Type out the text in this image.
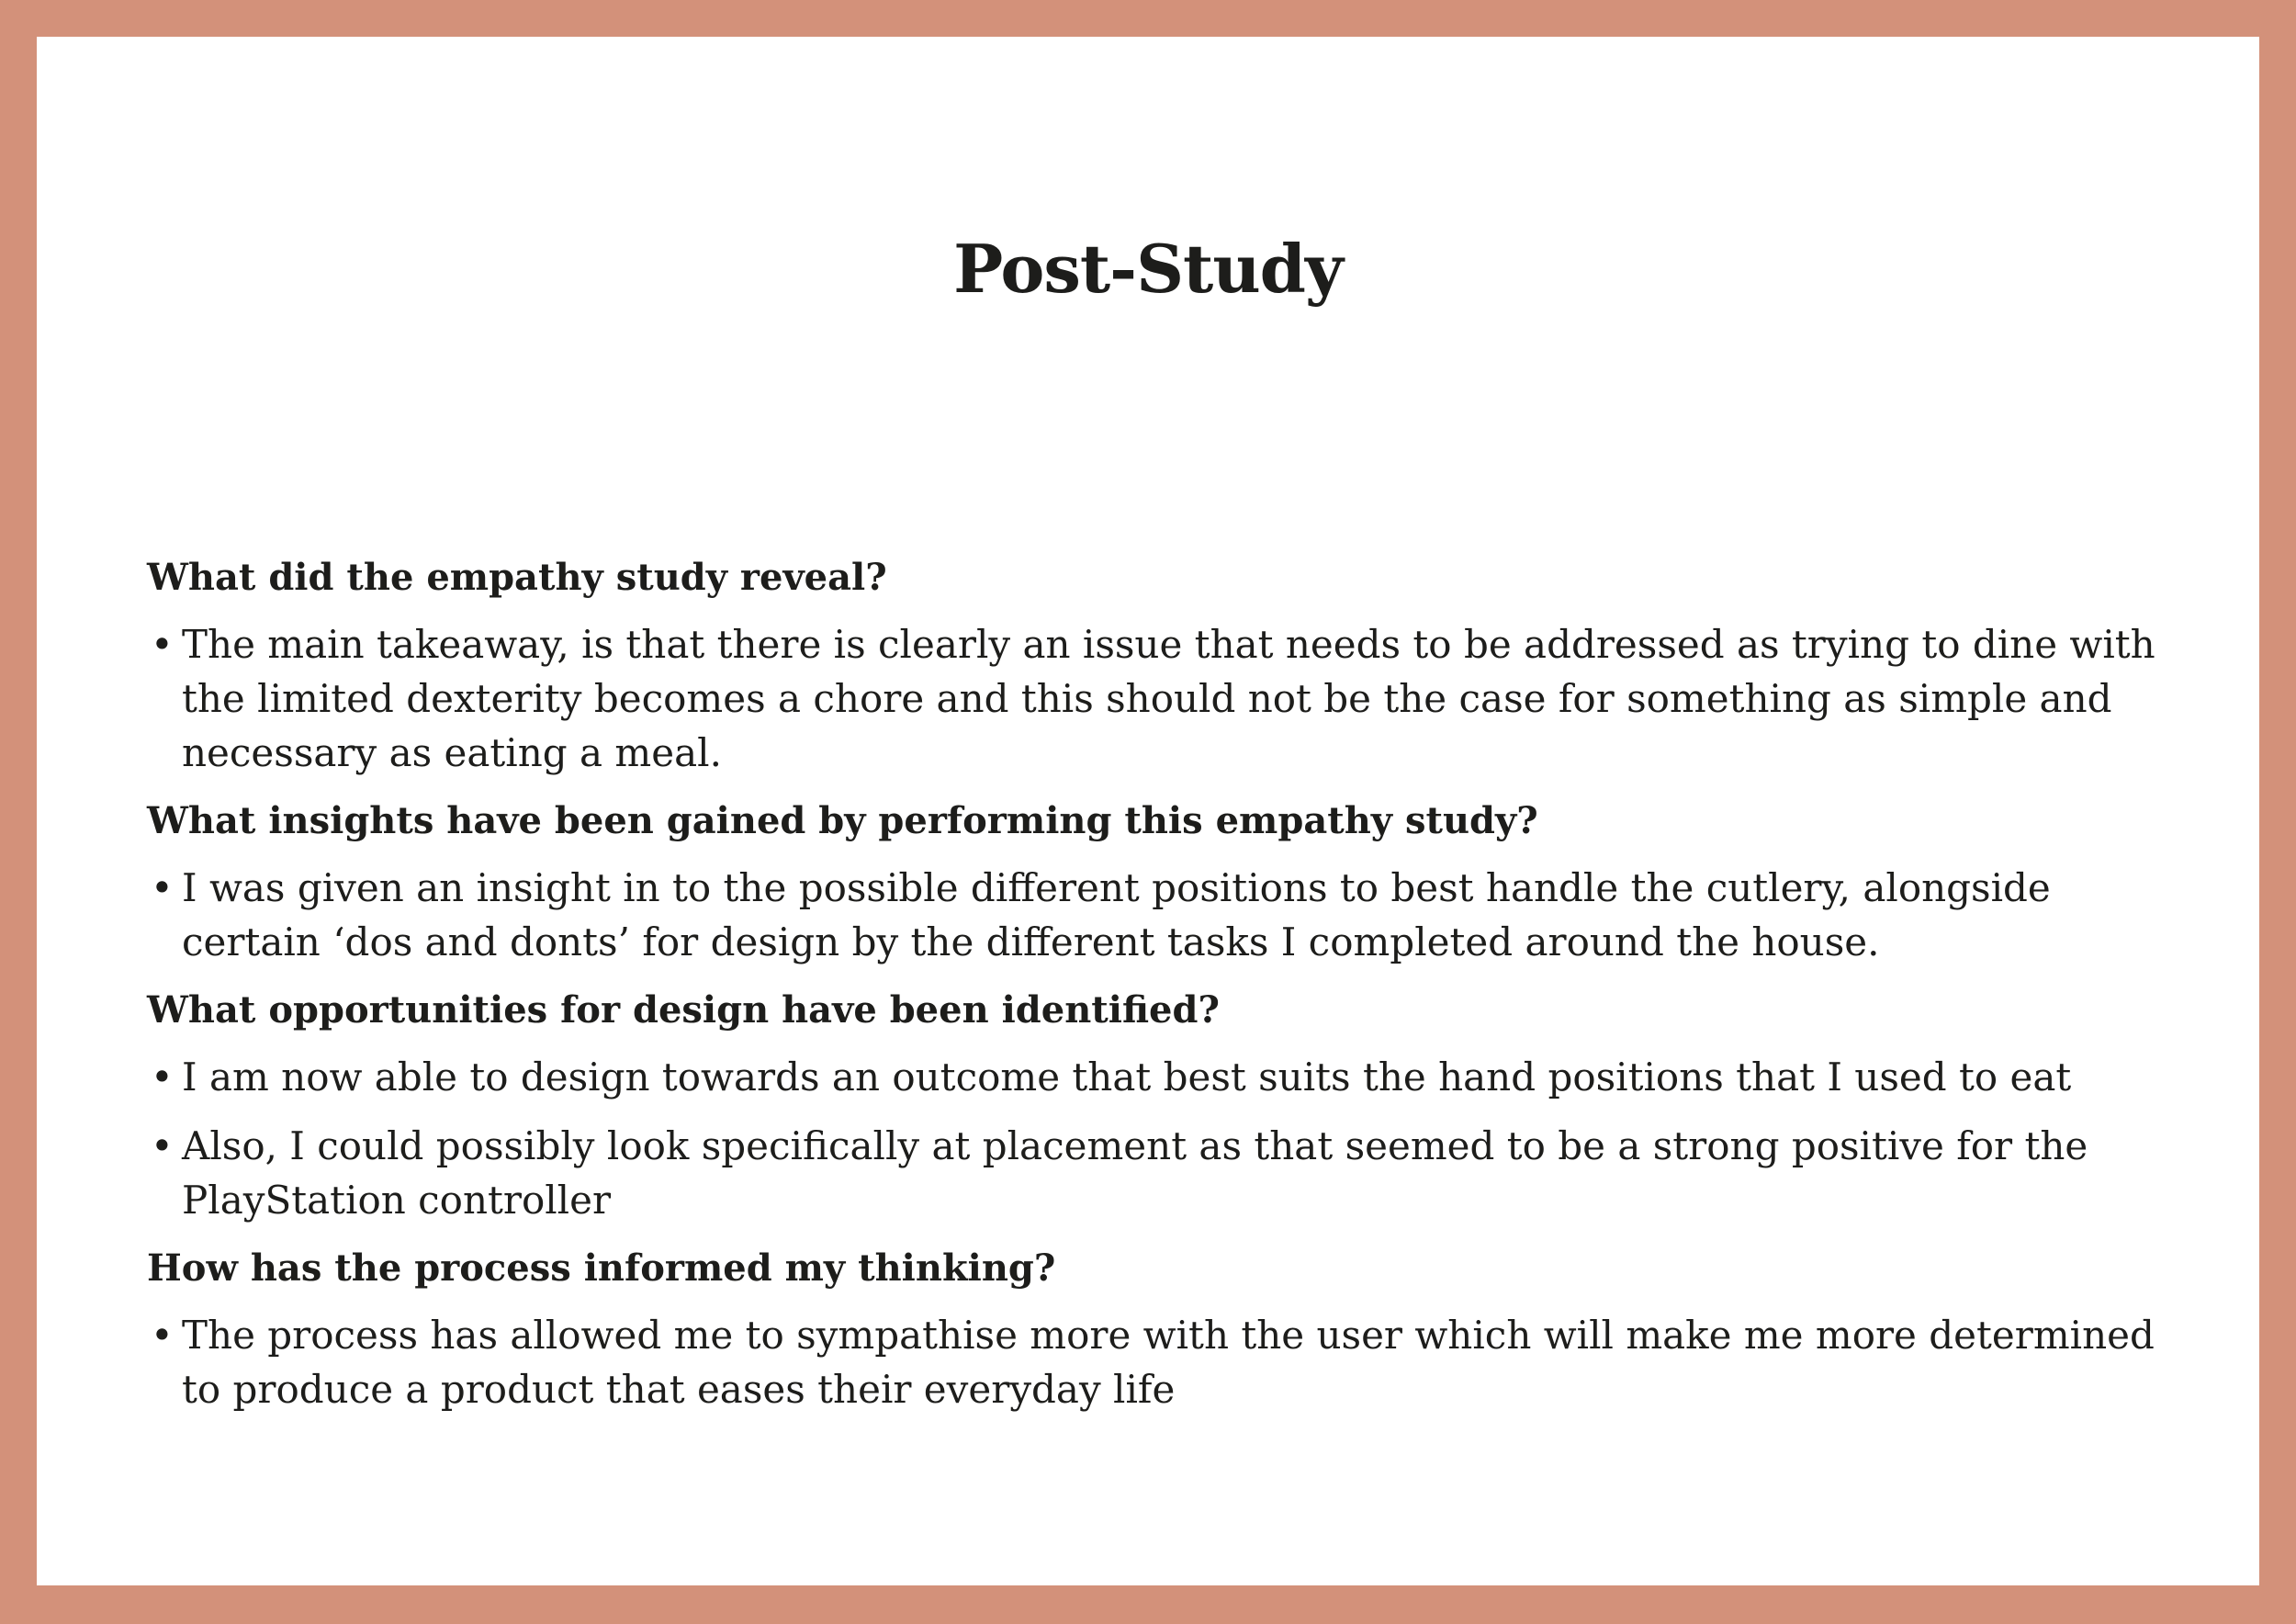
Post-Study

What did the empathy study reveal?

• The main takeaway, is that there is clearly an issue that needs to be addressed as trying to dine with the limited dexterity becomes a chore and this should not be the case for something as simple and necessary as eating a meal.

What insights have been gained by performing this empathy study?

• I was given an insight in to the possible different positions to best handle the cutlery, alongside certain ‘dos and donts’ for design by the different tasks I completed around the house.

What opportunities for design have been identified?

• I am now able to design towards an outcome that best suits the hand positions that I used to eat
• Also, I could possibly look specifically at placement as that seemed to be a strong positive for the PlayStation controller

How has the process informed my thinking?

• The process has allowed me to sympathise more with the user which will make me more determined to produce a product that eases their everyday life
